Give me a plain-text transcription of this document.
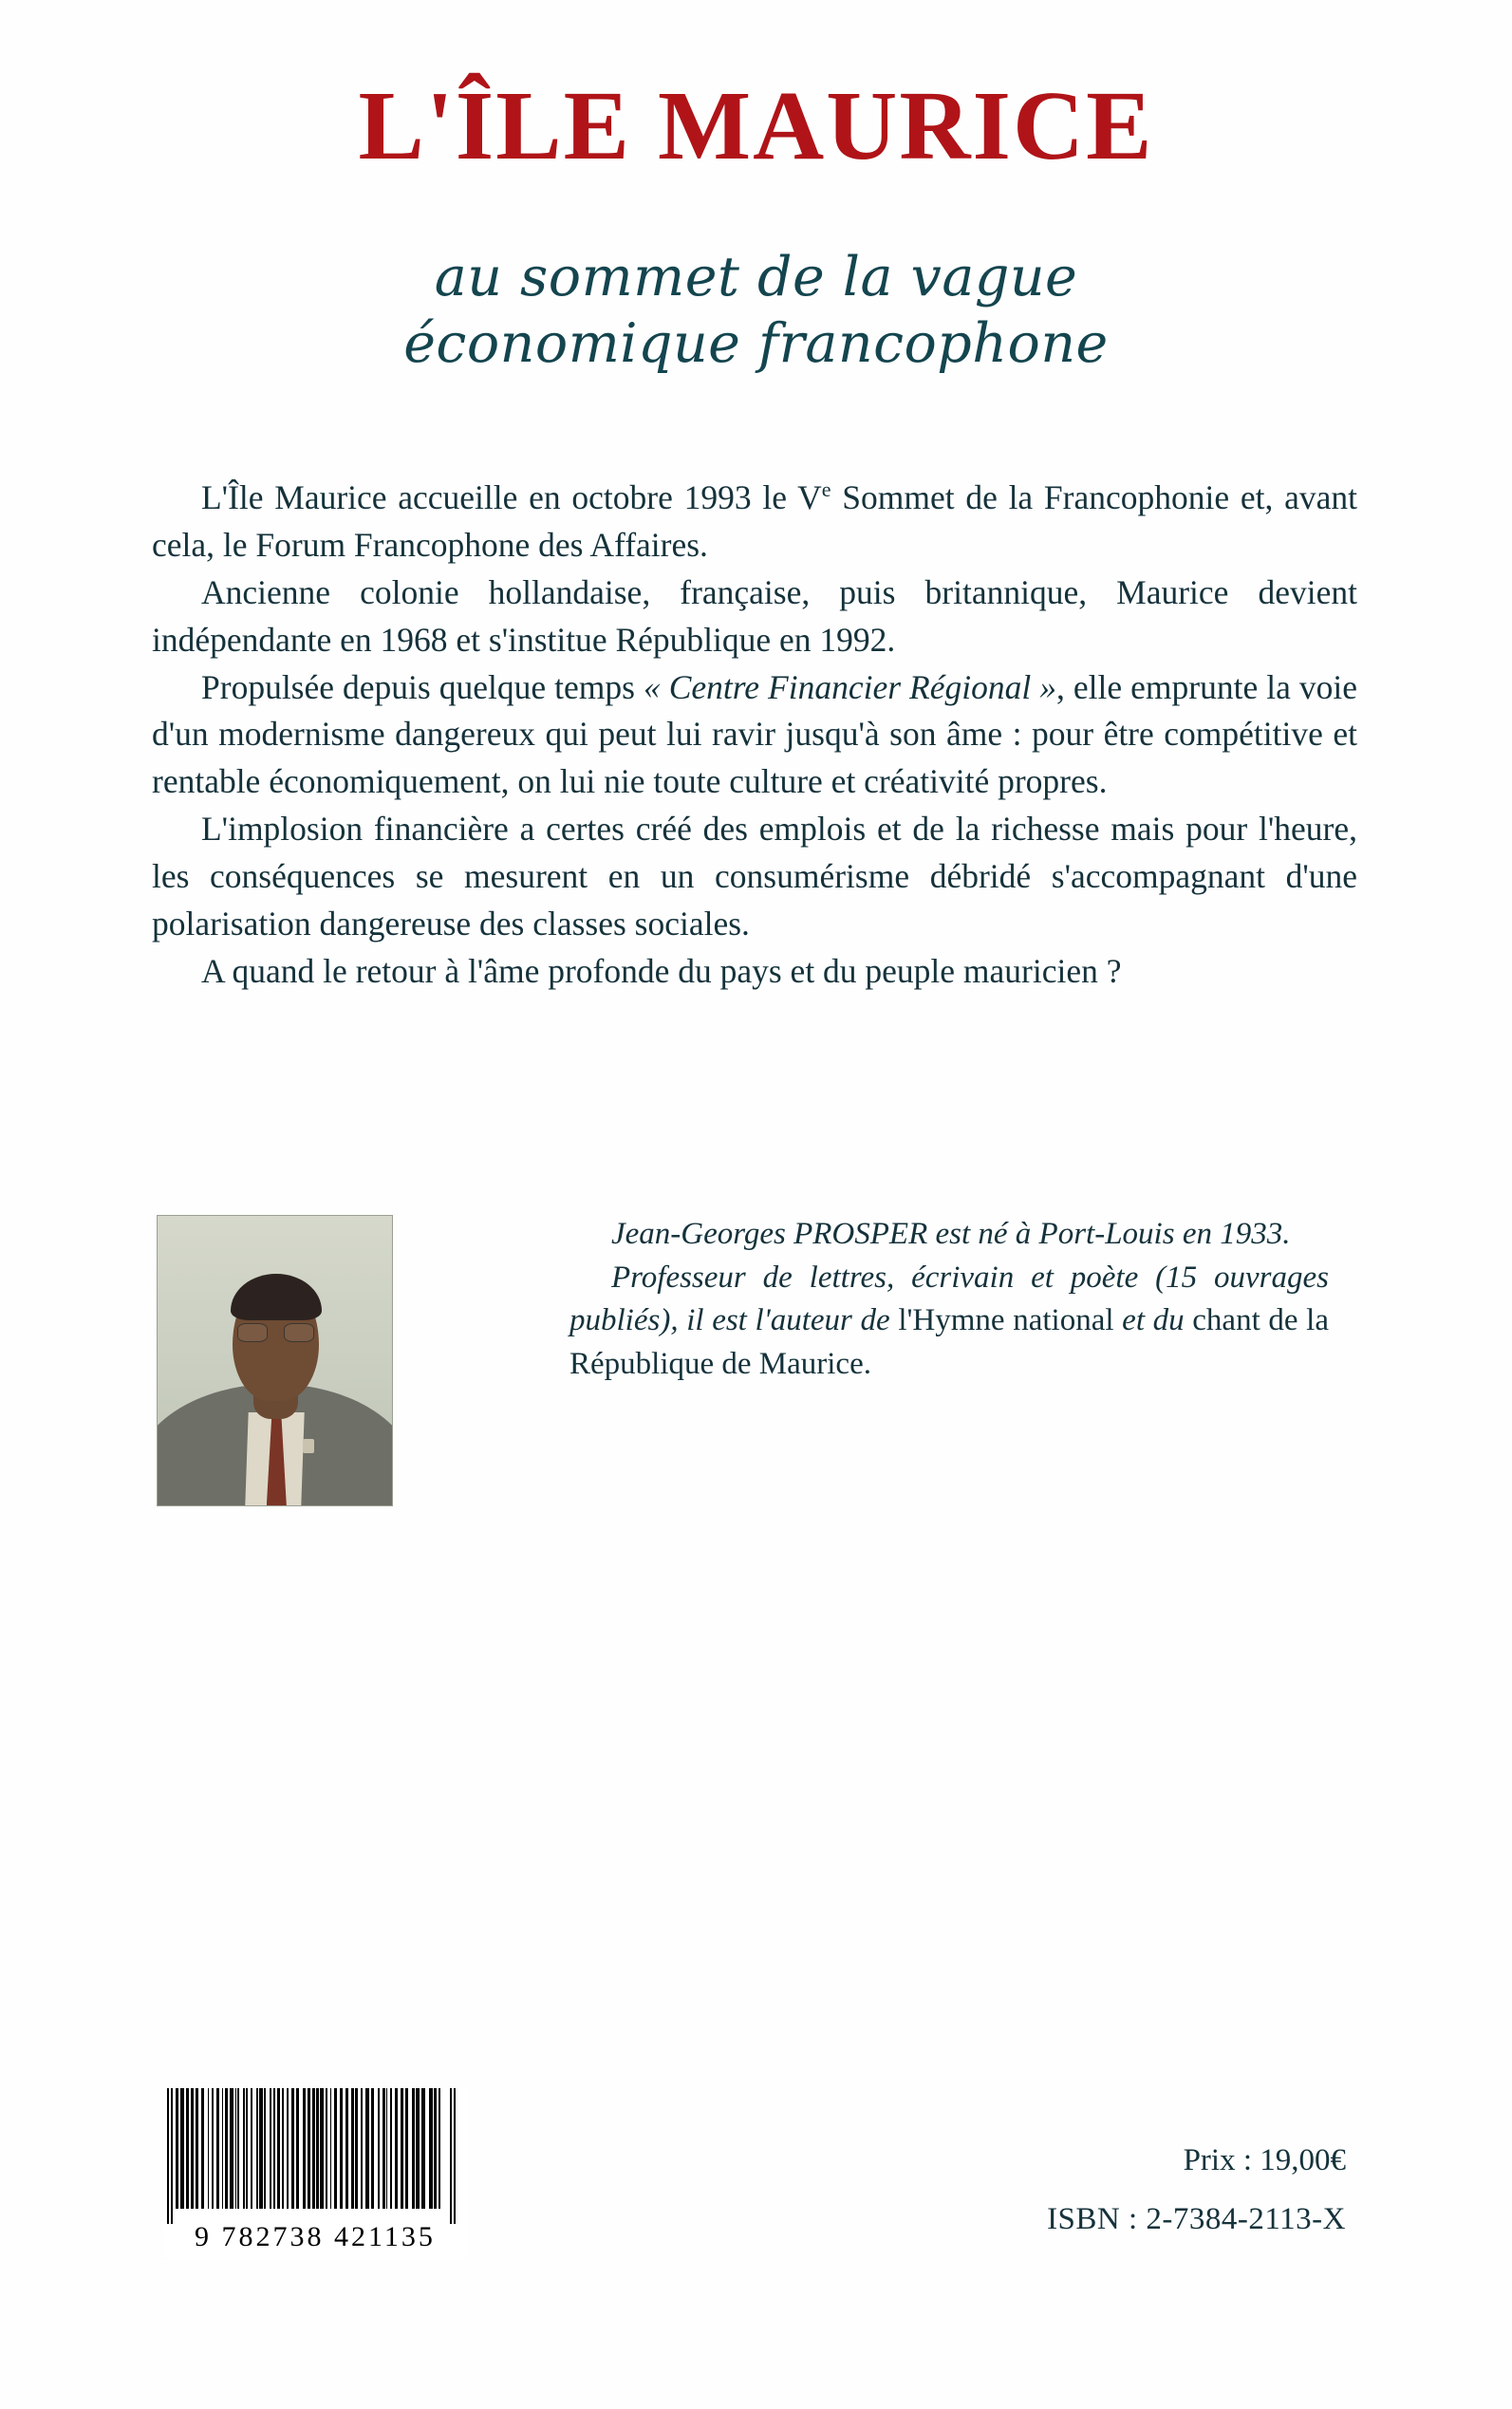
L'ÎLE MAURICE
au sommet de la vague
économique francophone

L'Île Maurice accueille en octobre 1993 le Ve Sommet de la Francophonie et, avant cela, le Forum Francophone des Affaires.

Ancienne colonie hollandaise, française, puis britannique, Maurice devient indépendante en 1968 et s'institue République en 1992.

Propulsée depuis quelque temps « Centre Financier Régional », elle emprunte la voie d'un modernisme dangereux qui peut lui ravir jusqu'à son âme : pour être compétitive et rentable économiquement, on lui nie toute culture et créativité propres.

L'implosion financière a certes créé des emplois et de la richesse mais pour l'heure, les conséquences se mesurent en un consumérisme débridé s'accompagnant d'une polarisation dangereuse des classes sociales.

A quand le retour à l'âme profonde du pays et du peuple mauricien ?

Jean-Georges PROSPER est né à Port-Louis en 1933.

Professeur de lettres, écrivain et poète (15 ouvrages publiés), il est l'auteur de l'Hymne national et du chant de la République de Maurice.

9 782738 421135
Prix : 19,00€
ISBN : 2-7384-2113-X
